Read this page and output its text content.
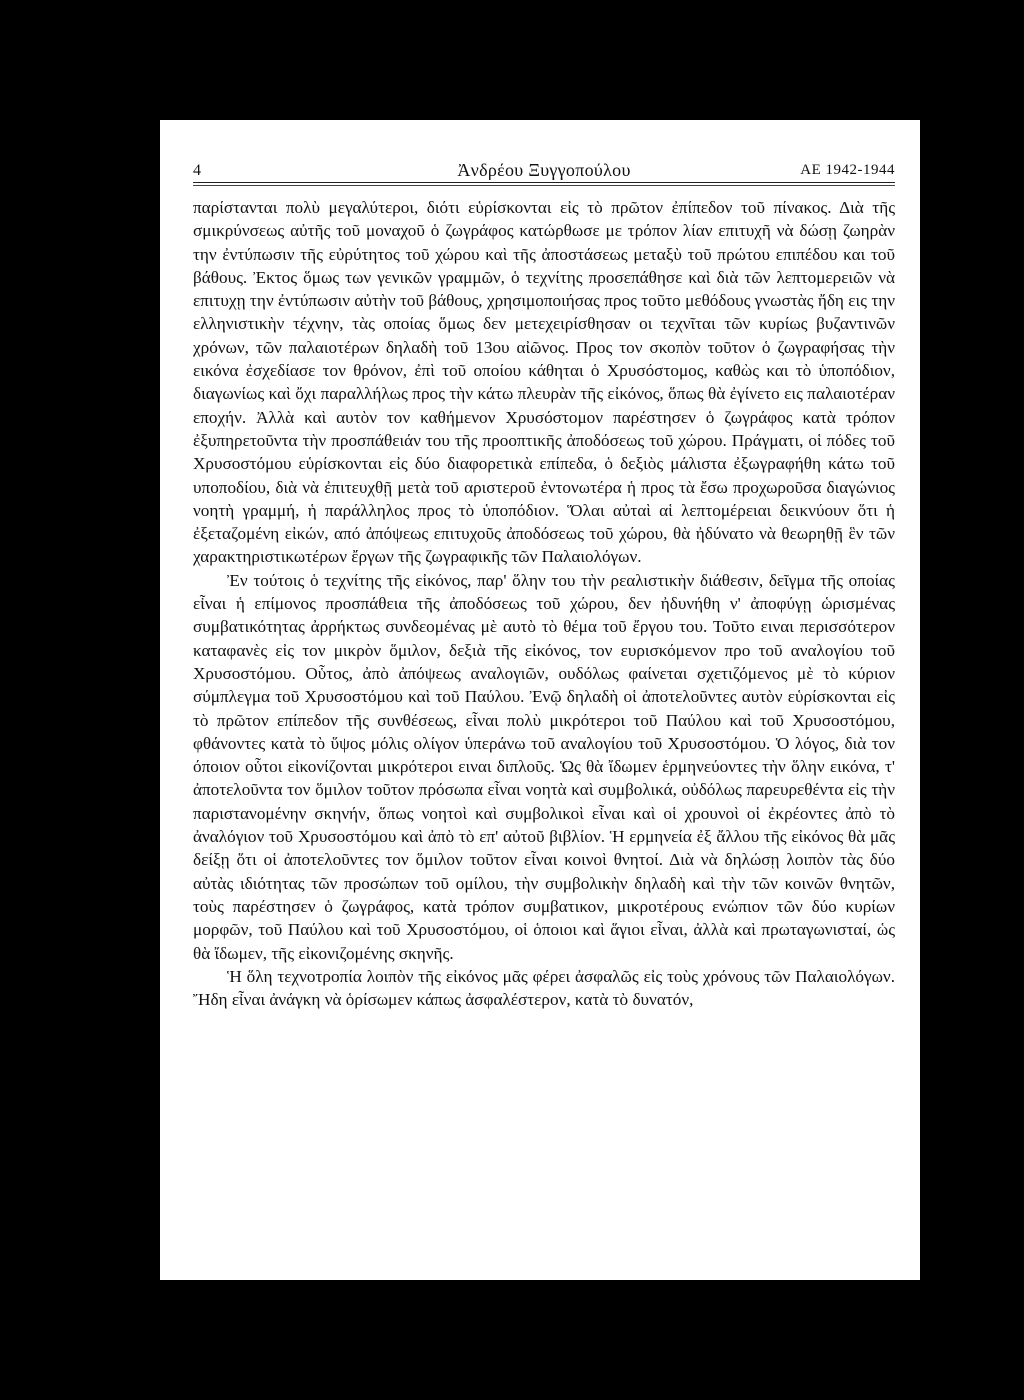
4	Ἀνδρέου Ξυγγοπούλου	ΑΕ 1942-1944

παρίστανται πολὺ μεγαλύτεροι, διότι εὑρίσκονται εἰς τὸ πρῶτον ἐπίπεδον τοῦ πίνακος. Διὰ τῆς σμικρύνσεως αὐτῆς τοῦ μοναχοῦ ὁ ζωγράφος κατώρθωσε με τρόπον λίαν επιτυχῆ νὰ δώσῃ ζωηρὰν την ἐντύπωσιν τῆς εὐρύτητος τοῦ χώρου καὶ τῆς ἀποστάσεως μεταξὺ τοῦ πρώτου επιπέδου και τοῦ βάθους. Ἐκτος ὅμως των γενικῶν γραμμῶν, ὁ τεχνίτης προσεπάθησε καὶ διὰ τῶν λεπτομερειῶν νὰ επιτυχῃ την ἐντύπωσιν αὐτὴν τοῦ βάθους, χρησιμοποιήσας προς τοῦτο μεθόδους γνωστὰς ἤδη εις την ελληνιστικὴν τέχνην, τὰς οποίας ὅμως δεν μετεχειρίσθησαν οι τεχνῖται τῶν κυρίως βυζαντινῶν χρόνων, τῶν παλαιοτέρων δηλαδὴ τοῦ 13ου αἰῶνος. Προς τον σκοπὸν τοῦτον ὁ ζωγραφήσας τὴν εικόνα ἐσχεδίασε τον θρόνον, ἐπὶ τοῦ οποίου κάθηται ὁ Χρυσόστομος, καθὼς και τὸ ὑποπόδιον, διαγωνίως καὶ ὄχι παραλλήλως προς τὴν κάτω πλευρὰν τῆς εἰκόνος, ὅπως θὰ ἐγίνετο εις παλαιοτέραν εποχήν. Ἀλλὰ καὶ αυτὸν τον καθήμενον Χρυσόστομον παρέστησεν ὁ ζωγράφος κατὰ τρόπον ἐξυπηρετοῦντα τὴν προσπάθειάν του τῆς προοπτικῆς ἀποδόσεως τοῦ χώρου. Πράγματι, οἱ πόδες τοῦ Χρυσοστόμου εὑρίσκονται εἰς δύο διαφορετικὰ επίπεδα, ὁ δεξιὸς μάλιστα ἐξωγραφήθη κάτω τοῦ υποποδίου, διὰ νὰ ἐπιτευχθῇ μετὰ τοῦ αριστεροῦ ἐντονωτέρα ἡ προς τὰ ἔσω προχωροῦσα διαγώνιος νοητὴ γραμμή, ἡ παράλληλος προς τὸ ὑποπόδιον. Ὅλαι αὐταὶ αἱ λεπτομέρειαι δεικνύουν ὅτι ἡ ἐξεταζομένη εἰκών, από ἀπόψεως επιτυχοῦς ἀποδόσεως τοῦ χώρου, θὰ ἠδύνατο νὰ θεωρηθῇ ἓν τῶν χαρακτηριστικωτέρων ἔργων τῆς ζωγραφικῆς τῶν Παλαιολόγων.

Ἐν τούτοις ὁ τεχνίτης τῆς εἰκόνος, παρ' ὅλην του τὴν ρεαλιστικὴν διάθεσιν, δεῖγμα τῆς οποίας εἶναι ἡ επίμονος προσπάθεια τῆς ἀποδόσεως τοῦ χώρου, δεν ἠδυνήθη ν' ἀποφύγῃ ὡρισμένας συμβατικότητας ἀρρήκτως συνδεομένας μὲ αυτὸ τὸ θέμα τοῦ ἔργου του. Τοῦτο ειναι περισσότερον καταφανὲς εἰς τον μικρὸν ὅμιλον, δεξιὰ τῆς εἰκόνος, τον ευρισκόμενον προ τοῦ αναλογίου τοῦ Χρυσοστόμου. Οὗτος, ἀπὸ ἀπόψεως αναλογιῶν, ουδόλως φαίνεται σχετιζόμενος μὲ τὸ κύριον σύμπλεγμα τοῦ Χρυσοστόμου καὶ τοῦ Παύλου. Ἐνῷ δηλαδὴ οἱ ἀποτελοῦντες αυτὸν εὑρίσκονται εἰς τὸ πρῶτον επίπεδον τῆς συνθέσεως, εἶναι πολὺ μικρότεροι τοῦ Παύλου καὶ τοῦ Χρυσοστόμου, φθάνοντες κατὰ τὸ ὕψος μόλις ολίγον ὑπεράνω τοῦ αναλογίου τοῦ Χρυσοστόμου. Ὁ λόγος, διὰ τον όποιον οὗτοι εἰκονίζονται μικρότεροι ειναι διπλοῦς. Ὡς θὰ ἴδωμεν ἑρμηνεύοντες τὴν ὅλην εικόνα, τ' ἀποτελοῦντα τον ὅμιλον τοῦτον πρόσωπα εἶναι νοητὰ καὶ συμβολικά, οὐδόλως παρευρεθέντα εἰς τὴν παριστανομένην σκηνήν, ὅπως νοητοὶ καὶ συμβολικοὶ εἶναι καὶ οἱ χρουνοὶ οἱ ἐκρέοντες ἀπὸ τὸ ἀναλόγιον τοῦ Χρυσοστόμου καὶ ἀπὸ τὸ επ' αὐτοῦ βιβλίον. Ἡ ερμηνεία ἐξ ἄλλου τῆς εἰκόνος θὰ μᾶς δείξῃ ὅτι οἱ ἀποτελοῦντες τον ὅμιλον τοῦτον εἶναι κοινοὶ θνητοί. Διὰ νὰ δηλώσῃ λοιπὸν τὰς δύο αὐτὰς ιδιότητας τῶν προσώπων τοῦ ομίλου, τὴν συμβολικὴν δηλαδὴ καὶ τὴν τῶν κοινῶν θνητῶν, τοὺς παρέστησεν ὁ ζωγράφος, κατὰ τρόπον συμβατικον, μικροτέρους ενώπιον τῶν δύο κυρίων μορφῶν, τοῦ Παύλου καὶ τοῦ Χρυσοστόμου, οἱ ὁποιοι καὶ ἅγιοι εἶναι, ἀλλὰ καὶ πρωταγωνισταί, ὡς θὰ ἴδωμεν, τῆς εἰκονιζομένης σκηνῆς.

Ἡ ὅλη τεχνοτροπία λοιπὸν τῆς εἰκόνος μᾶς φέρει ἀσφαλῶς εἰς τοὺς χρόνους τῶν Παλαιολόγων. Ἤδη εἶναι ἀνάγκη νὰ ὁρίσωμεν κάπως ἀσφαλέστερον, κατὰ τὸ δυνατόν,
